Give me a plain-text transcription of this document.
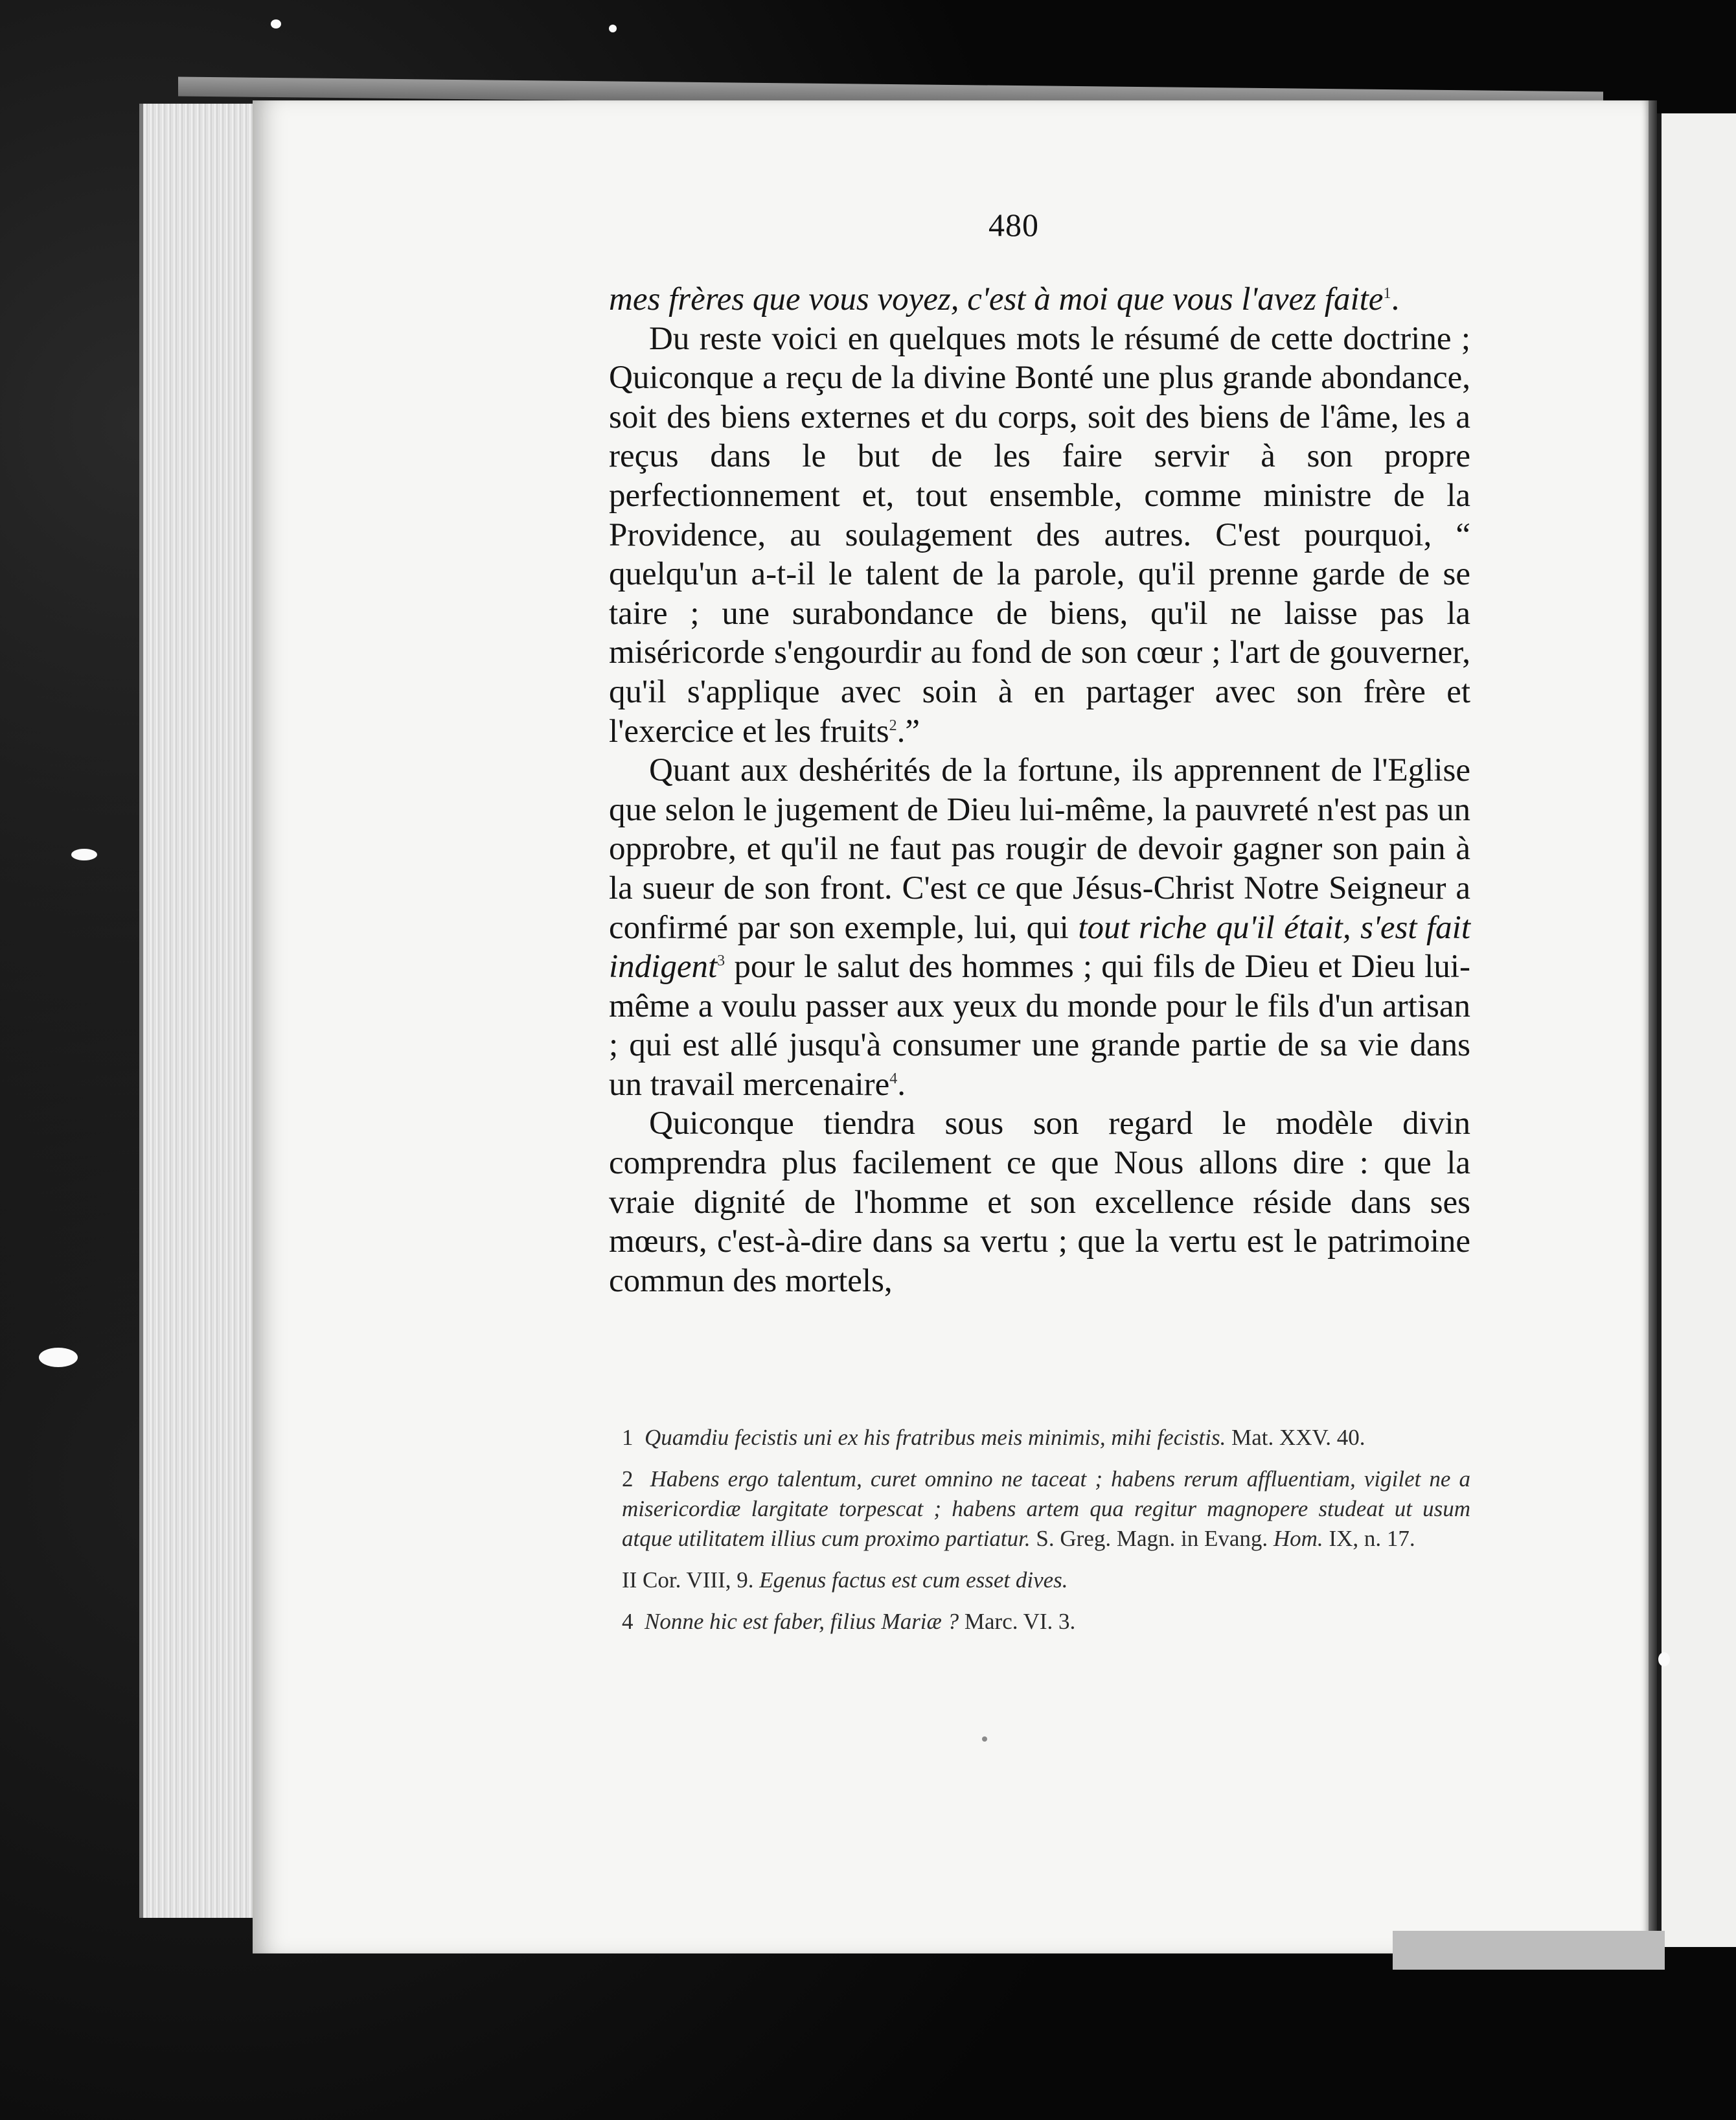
480

mes frères que vous voyez, c'est à moi que vous l'avez faite$^1$.

Du reste voici en quelques mots le résumé de cette doctrine ; Quiconque a reçu de la divine Bonté une plus grande abondance, soit des biens externes et du corps, soit des biens de l'âme, les a reçus dans le but de les faire servir à son propre perfectionnement et, tout ensemble, comme ministre de la Providence, au soulagement des autres. C'est pourquoi, “ quelqu'un a-t-il le talent de la parole, qu'il prenne garde de se taire ; une surabondance de biens, qu'il ne laisse pas la miséricorde s'engourdir au fond de son cœur ; l'art de gouverner, qu'il s'applique avec soin à en partager avec son frère et l'exercice et les fruits$^2$.”

Quant aux deshérités de la fortune, ils apprennent de l'Eglise que selon le jugement de Dieu lui-même, la pauvreté n'est pas un opprobre, et qu'il ne faut pas rougir de devoir gagner son pain à la sueur de son front. C'est ce que Jésus-Christ Notre Seigneur a confirmé par son exemple, lui, qui tout riche qu'il était, s'est fait indigent$^3$ pour le salut des hommes ; qui fils de Dieu et Dieu lui-même a voulu passer aux yeux du monde pour le fils d'un artisan ; qui est allé jusqu'à consumer une grande partie de sa vie dans un travail mercenaire$^4$.

Quiconque tiendra sous son regard le modèle divin comprendra plus facilement ce que Nous allons dire : que la vraie dignité de l'homme et son excellence réside dans ses mœurs, c'est-à-dire dans sa vertu ; que la vertu est le patrimoine commun des mortels,

1 Quamdiu fecistis uni ex his fratribus meis minimis, mihi fecistis. Mat. XXV. 40.

2 Habens ergo talentum, curet omnino ne taceat ; habens rerum affluentiam, vigilet ne a misericordiæ largitate torpescat ; habens artem qua regitur magnopere studeat ut usum atque utilitatem illius cum proximo partiatur. S. Greg. Magn. in Evang. Hom. IX, n. 17.

II Cor. VIII, 9. Egenus factus est cum esset dives.

4 Nonne hic est faber, filius Mariæ ? Marc. VI. 3.
